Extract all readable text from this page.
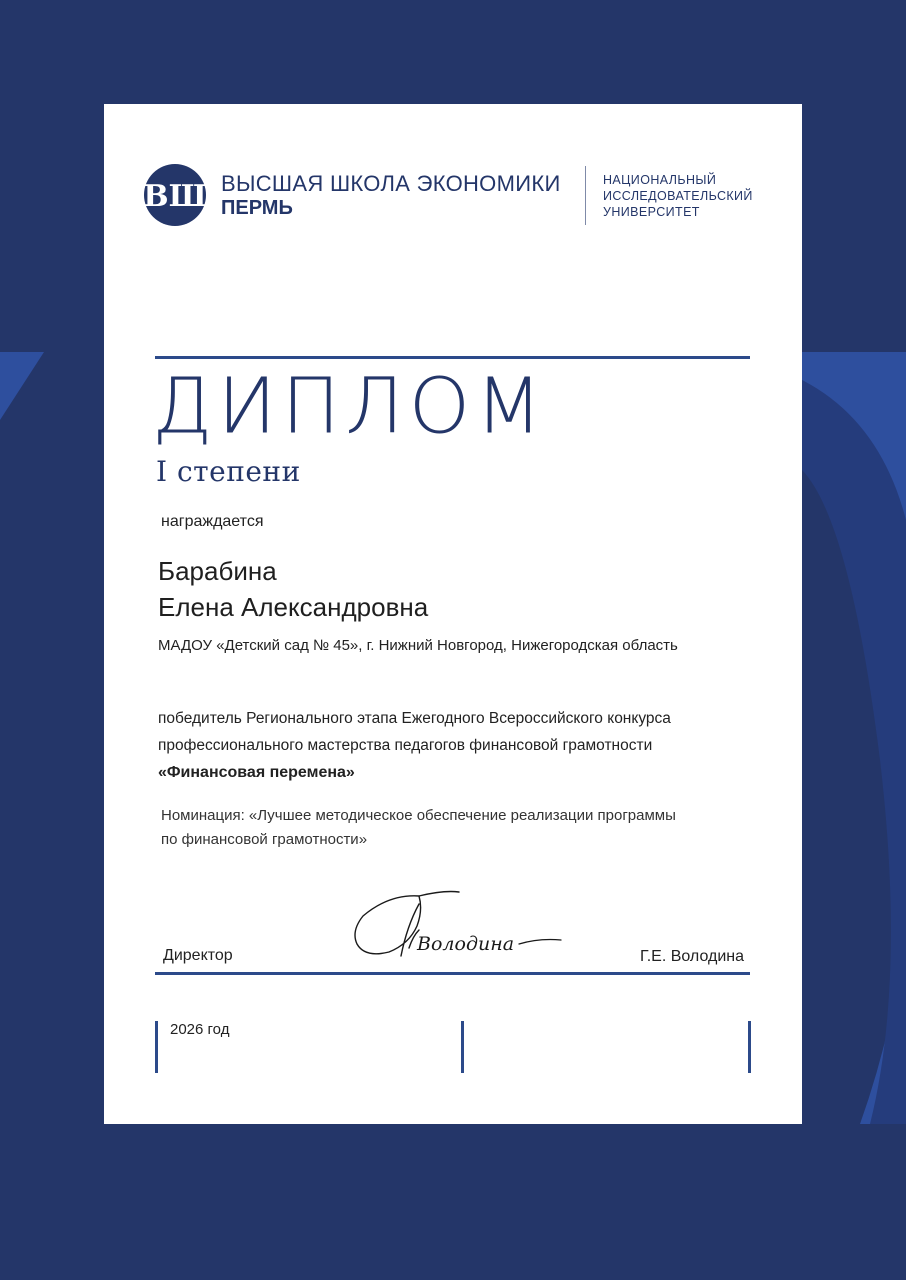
ВШ ВЫСШАЯ ШКОЛА ЭКОНОМИКИ
ПЕРМЬ
НАЦИОНАЛЬНЫЙ
ИССЛЕДОВАТЕЛЬСКИЙ
УНИВЕРСИТЕТ
ДИПЛОМ
I степени
награждается
Барабина
Елена Александровна
МАДОУ «Детский сад № 45», г. Нижний Новгород, Нижегородская область
победитель Регионального этапа Ежегодного Всероссийского конкурса
профессионального мастерства педагогов финансовой грамотности
«Финансовая перемена»
Номинация: «Лучшее методическое обеспечение реализации программы
по финансовой грамотности»
Директор
Володина
Г.Е. Володина
2026 год
